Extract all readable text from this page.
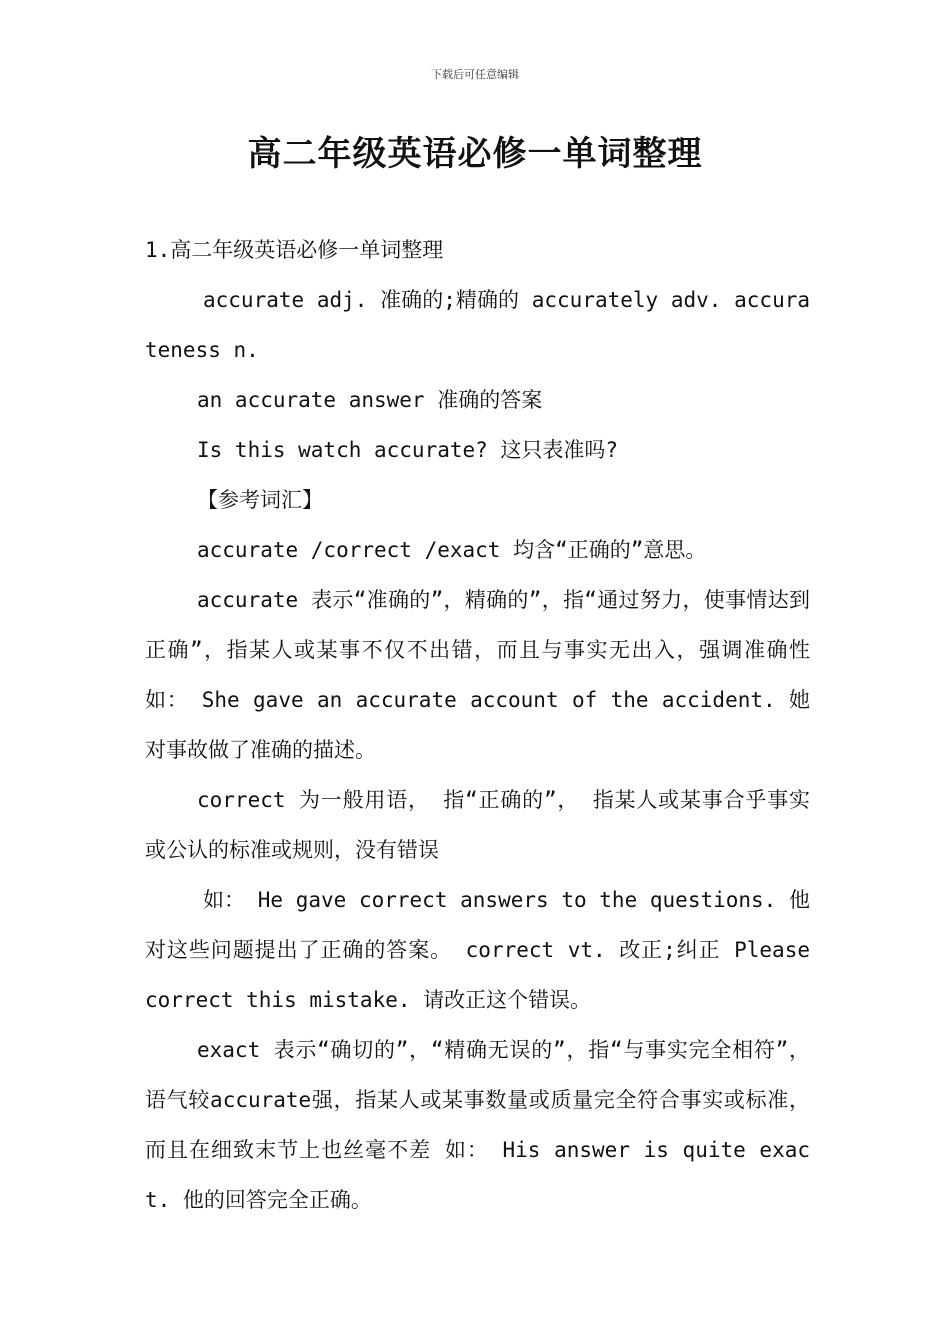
下载后可任意编辑
高二年级英语必修一单词整理

1.高二年级英语必修一单词整理

accurate adj. 准确的;精确的 accurately adv. accurateness n.

an accurate answer 准确的答案

Is this watch accurate? 这只表准吗?

【参考词汇】

accurate /correct /exact 均含“正确的”意思。

accurate 表示“准确的”，精确的”，指“通过努力，使事情达到正确”，指某人或某事不仅不出错，而且与事实无出入，强调准确性 如： She gave an accurate account of the accident. 她对事故做了准确的描述。

correct 为一般用语， 指“正确的”， 指某人或某事合乎事实或公认的标准或规则，没有错误

如： He gave correct answers to the questions. 他对这些问题提出了正确的答案。 correct vt. 改正;纠正 Please correct this mistake. 请改正这个错误。

exact 表示“确切的”，“精确无误的”，指“与事实完全相符”， 语气较accurate强，指某人或某事数量或质量完全符合事实或标准，而且在细致末节上也丝毫不差 如： His answer is quite exact. 他的回答完全正确。
